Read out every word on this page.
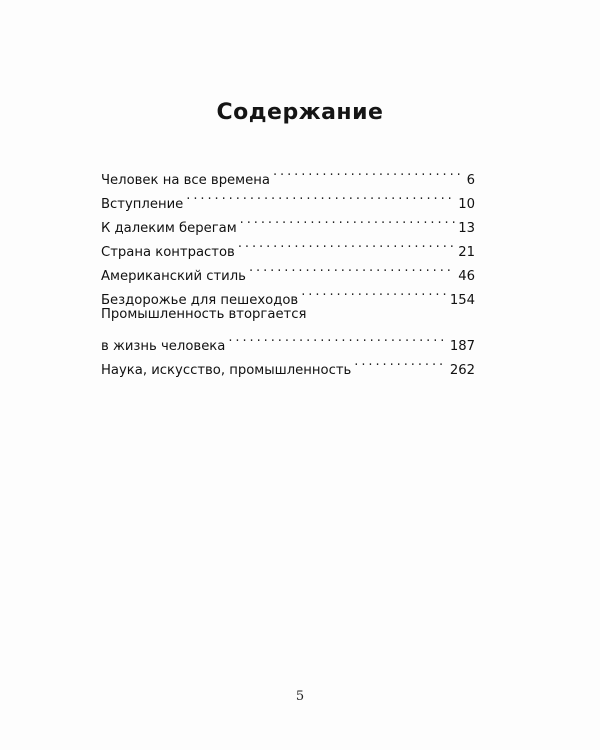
Содержание
Человек на все времена . . .	6
Вступление . . .	10
К далеким берегам . . .	13
Страна контрастов . . .	21
Американский стиль . . .	46
Бездорожье для пешеходов . . .	154
Промышленность вторгается
в жизнь человека . . .	187
Наука, искусство, промышленность . . .	262
5
